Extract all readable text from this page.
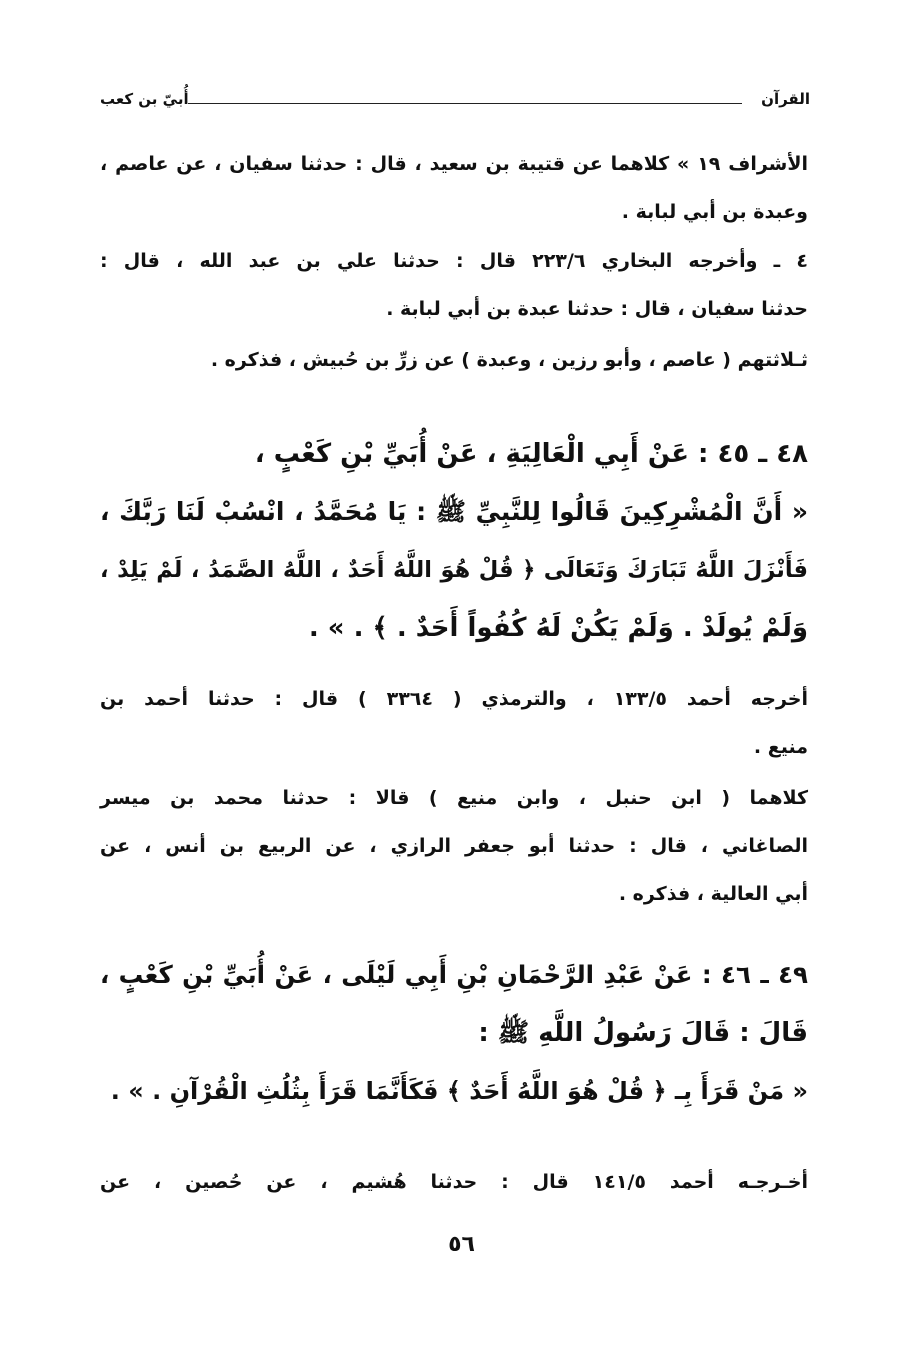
القرآن
أُبيّ بن كعب
الأشراف ١٩ » كلاهما عن قتيبة بن سعيد ، قال : حدثنا سفيان ، عن عاصم ،
وعبدة بن أبي لبابة .
٤ ـ وأخرجه البخاري ٢٢٣/٦ قال : حدثنا علي بن عبد الله ، قال :
حدثنا سفيان ، قال : حدثنا عبدة بن أبي لبابة .
ثـلاثتهم ( عاصم ، وأبو رزين ، وعبدة ) عن زرِّ بن حُبيش ، فذكره .
٤٨ ـ ٤٥ : عَنْ أَبِي الْعَالِيَةِ ، عَنْ أُبَيِّ بْنِ كَعْبٍ ،
« أَنَّ الْمُشْرِكِينَ قَالُوا لِلنَّبِيِّ ﷺ : يَا مُحَمَّدُ ، انْسُبْ لَنَا رَبَّكَ ،
فَأَنْزَلَ اللَّهُ تَبَارَكَ وَتَعَالَى ﴿ قُلْ هُوَ اللَّهُ أَحَدٌ ، اللَّهُ الصَّمَدُ ، لَمْ يَلِدْ ،
وَلَمْ يُولَدْ . وَلَمْ يَكُنْ لَهُ كُفُواً أَحَدٌ . ﴾ . » .
أخرجه أحمد ١٣٣/٥ ، والترمذي ( ٣٣٦٤ ) قال : حدثنا أحمد بن
منيع .
كلاهما ( ابن حنبل ، وابن منيع ) قالا : حدثنا محمد بن ميسر
الصاغاني ، قال : حدثنا أبو جعفر الرازي ، عن الربيع بن أنس ، عن
أبي العالية ، فذكره .
٤٩ ـ ٤٦ : عَنْ عَبْدِ الرَّحْمَانِ بْنِ أَبِي لَيْلَى ، عَنْ أُبَيِّ بْنِ كَعْبٍ ،
قَالَ : قَالَ رَسُولُ اللَّهِ ﷺ :
« مَنْ قَرَأَ بِـ ﴿ قُلْ هُوَ اللَّهُ أَحَدٌ ﴾ فَكَأَنَّمَا قَرَأَ بِثُلُثِ الْقُرْآنِ . » .
أخـرجـه أحمد ١٤١/٥ قال : حدثنا هُشيم ، عن حُصين ، عن
٥٦
